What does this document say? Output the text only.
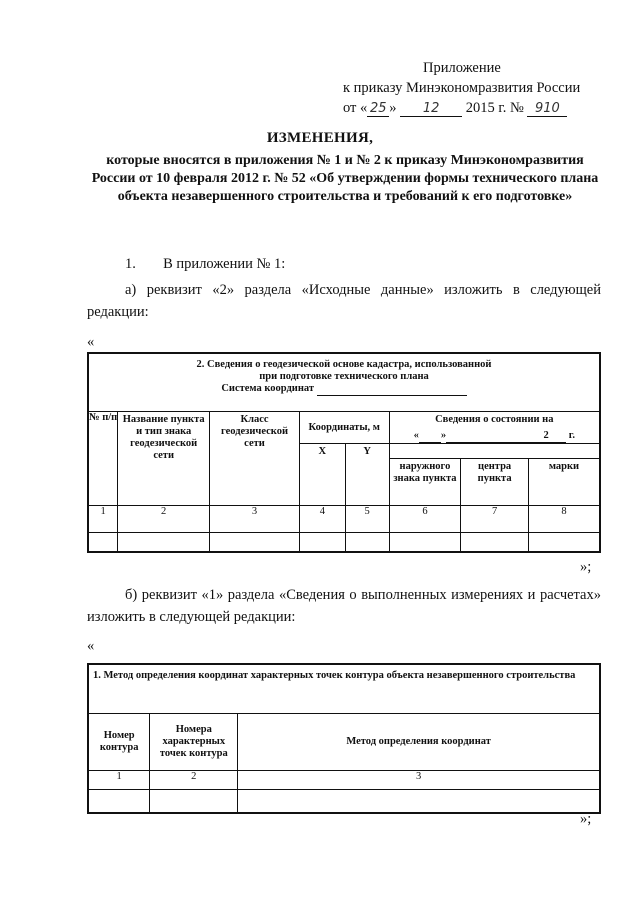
Приложение
к приказу Минэкономразвития России
от « 25 » 12 2015 г. № 910
ИЗМЕНЕНИЯ,
которые вносятся в приложения № 1 и № 2 к приказу Минэкономразвития России от 10 февраля 2012 г. № 52 «Об утверждении формы технического плана объекта незавершенного строительства и требований к его подготовке»
1. В приложении № 1:
а) реквизит «2» раздела «Исходные данные» изложить в следующей редакции:
«
2. Сведения о геодезической основе кадастра, использованной
при подготовке технического плана
Система координат							

№ п/п	Название пункта и тип знака геодезической сети	Класс геодезической сети	Координаты, м		Сведения о состоянии на
« » 2 г.		

			X	Y			
					наружного знака пункта	центра пункта	марки
1	2	3	4	5	6	7	8

»;
б) реквизит «1» раздела «Сведения о выполненных измерениях и расчетах» изложить в следующей редакции:
«
1. Метод определения координат характерных точек контура объекта незавершенного строительства		
Номер контура	Номера характерных точек контура	Метод определения координат
1	2	3

»;
